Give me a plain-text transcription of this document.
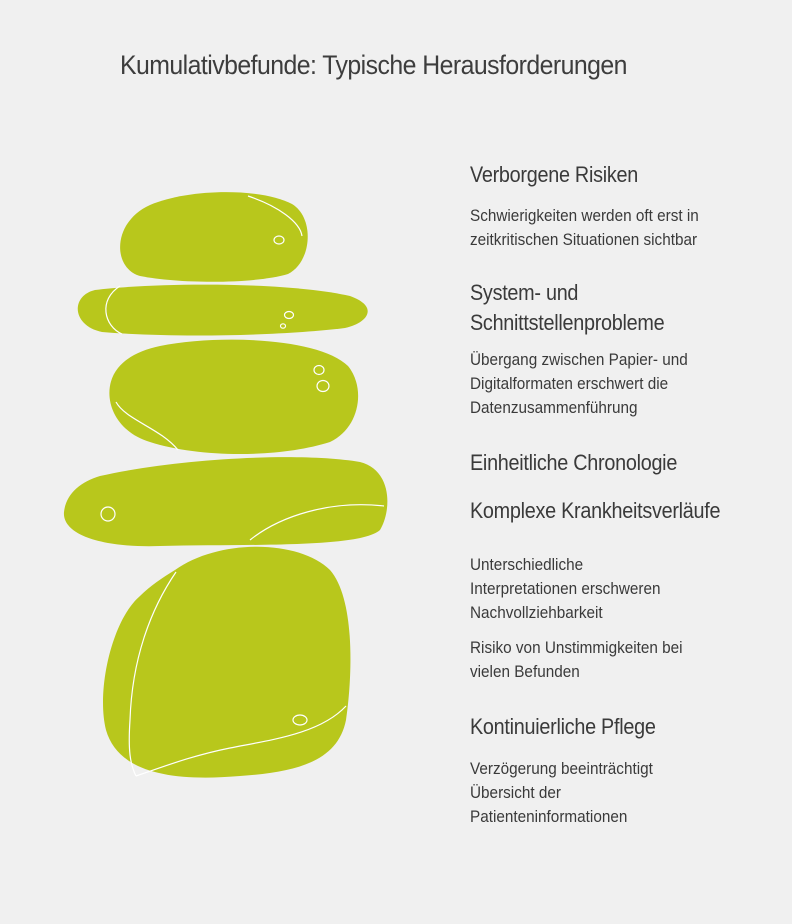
Kumulativbefunde: Typische Herausforderungen
Verborgene Risiken
Schwierigkeiten werden oft erst in
zeitkritischen Situationen sichtbar
System- und
Schnittstellenprobleme
Übergang zwischen Papier- und
Digitalformaten erschwert die
Datenzusammenführung
Einheitliche Chronologie
Komplexe Krankheitsverläufe
Unterschiedliche
Interpretationen erschweren
Nachvollziehbarkeit
Risiko von Unstimmigkeiten bei
vielen Befunden
Kontinuierliche Pflege
Verzögerung beeinträchtigt
Übersicht der
Patienteninformationen
